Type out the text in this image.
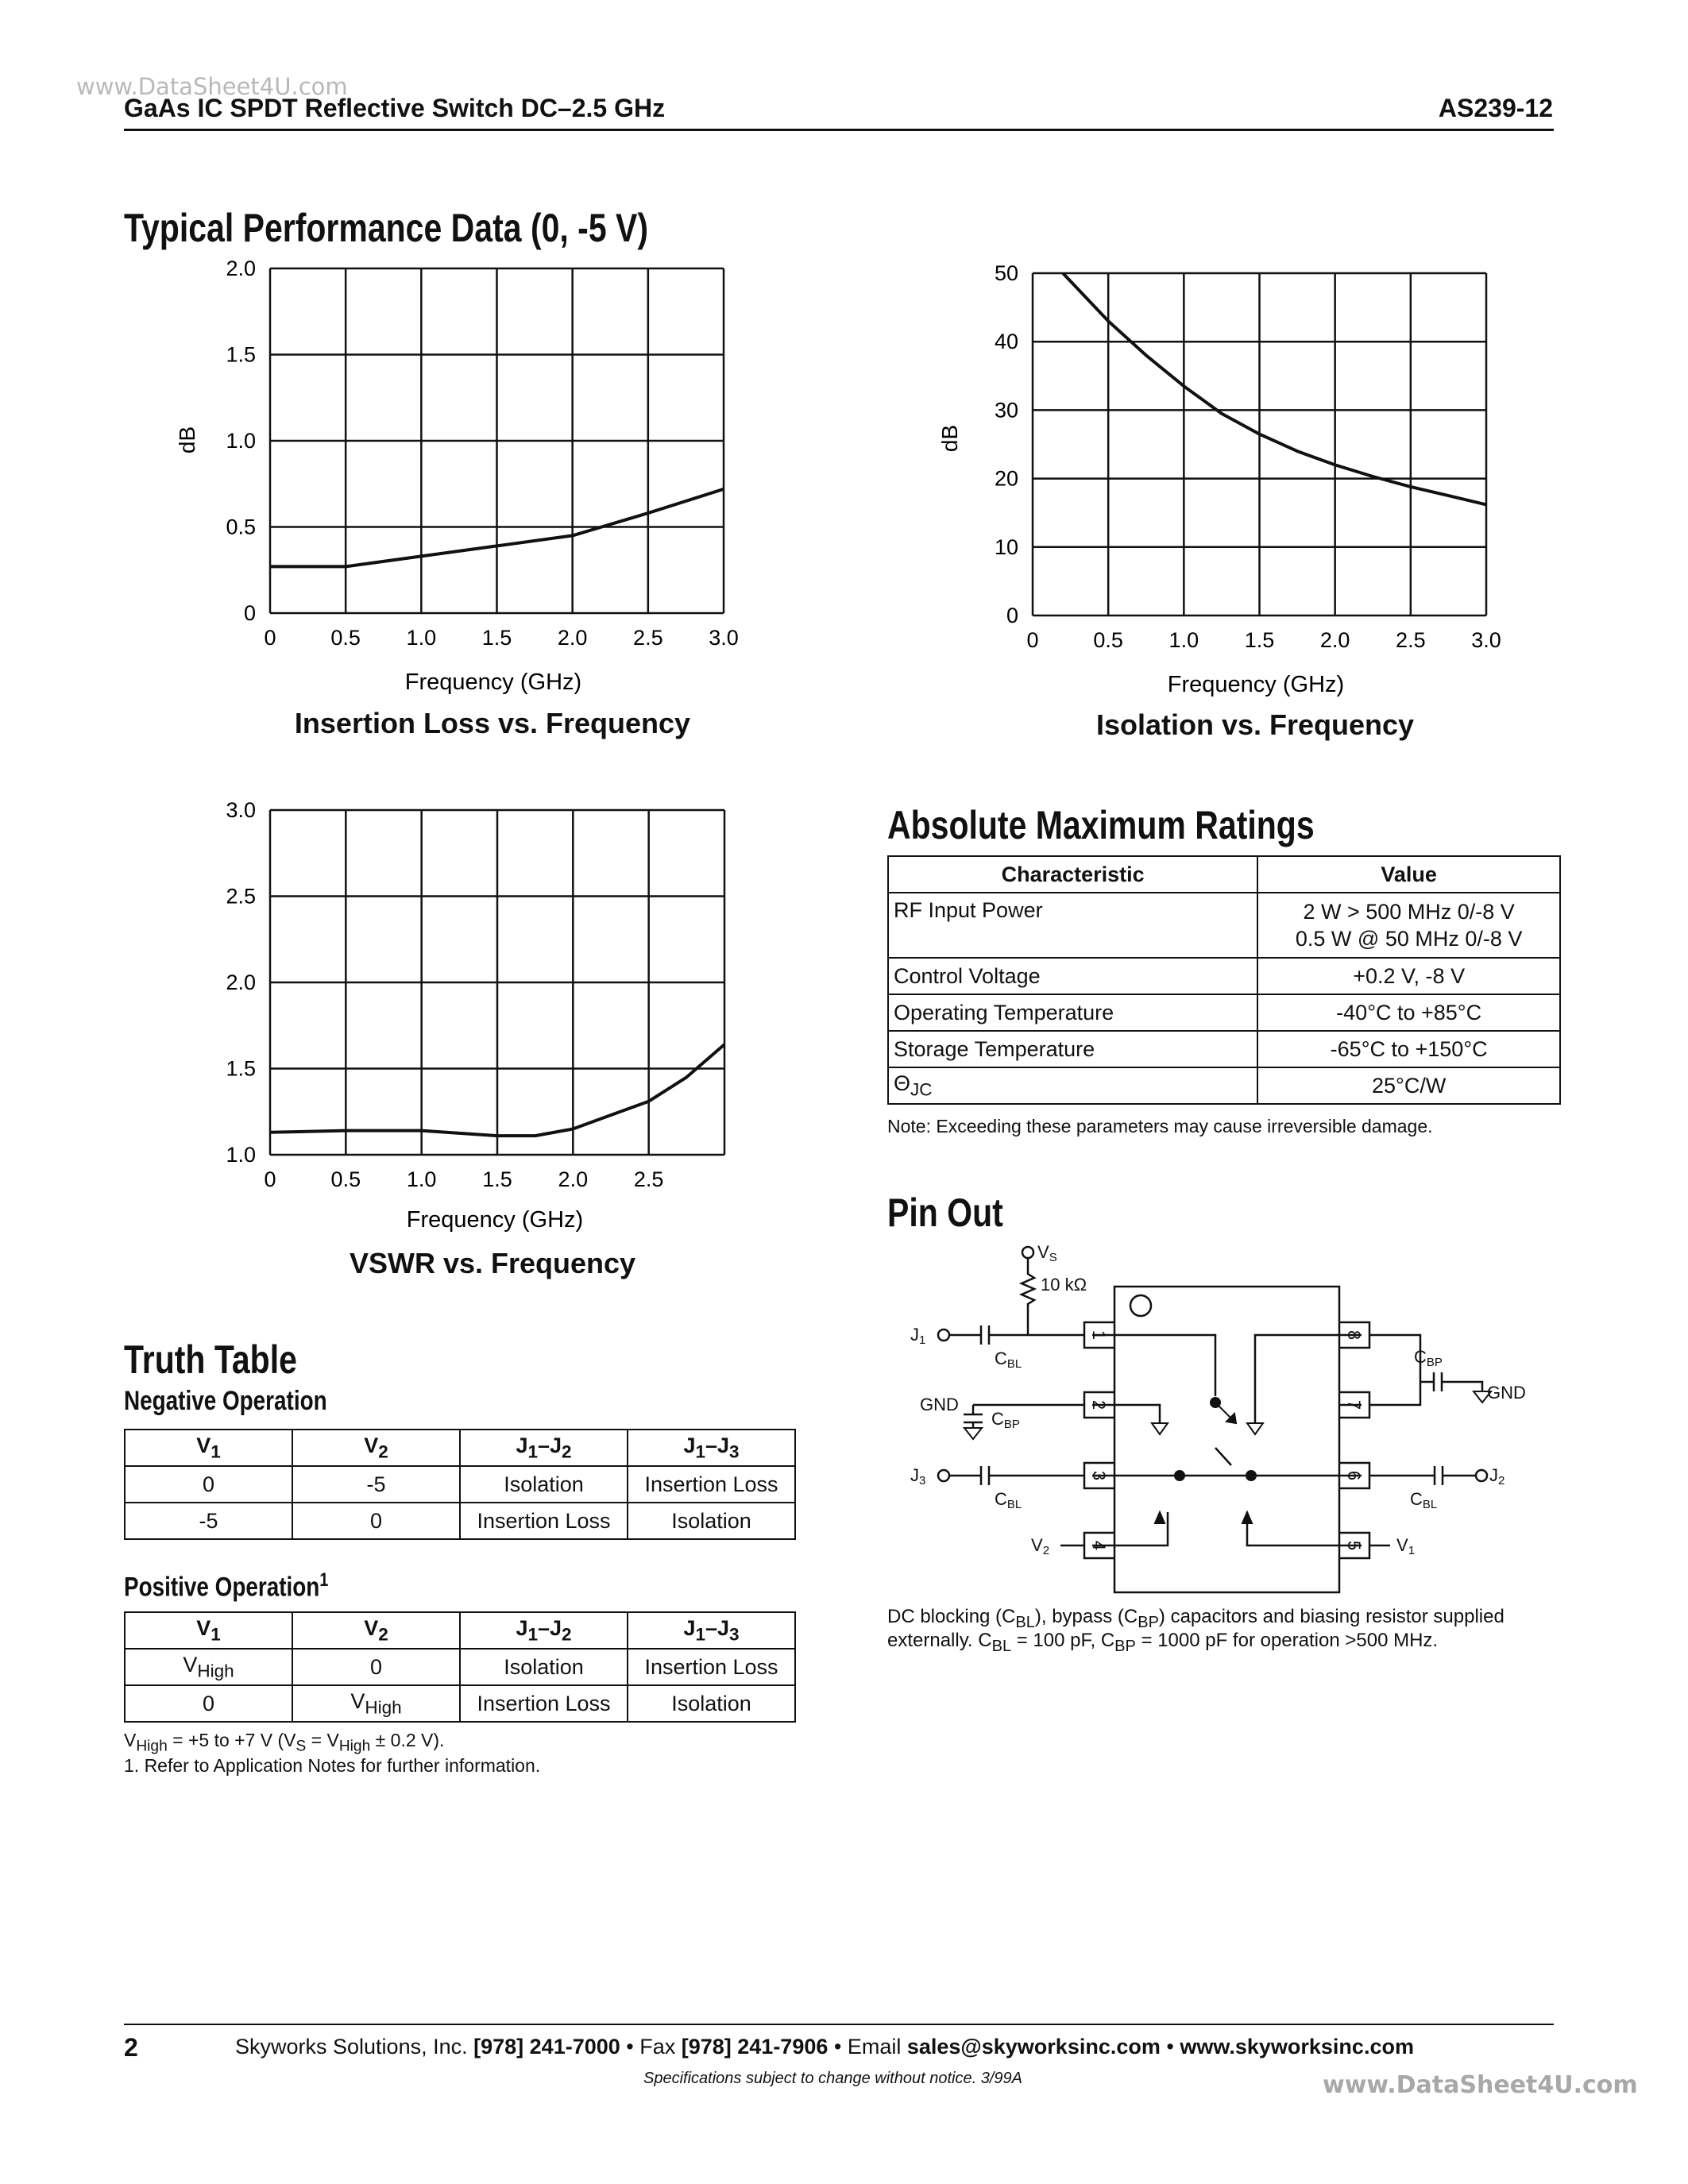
www.DataSheet4U.com
www.DataSheet4U.com
GaAs IC SPDT Reflective Switch DC–2.5 GHz	AS239-12
Typical Performance Data (0, -5 V)
0	0.5 1.0 1.5 2.0 2.5 3.0
0
0.5
1.0
1.5
2.0
dB
Frequency (GHz)
Insertion Loss vs. Frequency
0	0.5 1.0 1.5 2.0 2.5 3.0
0
10
20
30
40
50
dB
Frequency (GHz)
Isolation vs. Frequency
0	0.5 1.0 1.5 2.0 2.5
1.0
1.5
2.0
2.5
3.0
Frequency (GHz)
VSWR vs. Frequency
Truth Table
Negative Operation
$V_1$	$V_2$	$J_1-J_2$	$J_1-J_3$
0	-5	Isolation	Insertion Loss
-5	0	Insertion Loss	Isolation
Positive Operation$^1$
$V_1$	$V_2$	$J_1-J_2$	$J_1-J_3$
$V_{High}$	0	Isolation	Insertion Loss
0	$V_{High}$	Insertion Loss	Isolation
$V_{High} = +5$ to +7 V ($V_S = V_{High} \pm 0.2$ V).
1. Refer to Application Notes for further information.
Absolute Maximum Ratings
Characteristic	Value
RF Input Power	2 W > 500 MHz 0/-8 V
0.5 W @ 50 MHz 0/-8 V
Control Voltage	+0.2 V, -8 V
Operating Temperature	-40°C to +85°C
Storage Temperature	-65°C to +150°C
$\Theta_{JC}$	25°C/W
Note: Exceeding these parameters may cause irreversible damage.
Pin Out
VS
10 kΩ
J1
CBL
GND
CBP
J3
CBL
V2
CBP
GND
J2
CBL
V1
1
2
3
4	5
6
7
8
DC blocking $(C_{BL})$, bypass $(C_{BP})$ capacitors and biasing resistor supplied
externally. $C_{BL} = 100$ pF, $C_{BP} = 1000$ pF for operation >500 MHz.
2	Skyworks Solutions, Inc. [978] 241-7000 • Fax [978] 241-7906 • Email sales@skyworksinc.com • www.skyworksinc.com
Specifications subject to change without notice. 3/99A
